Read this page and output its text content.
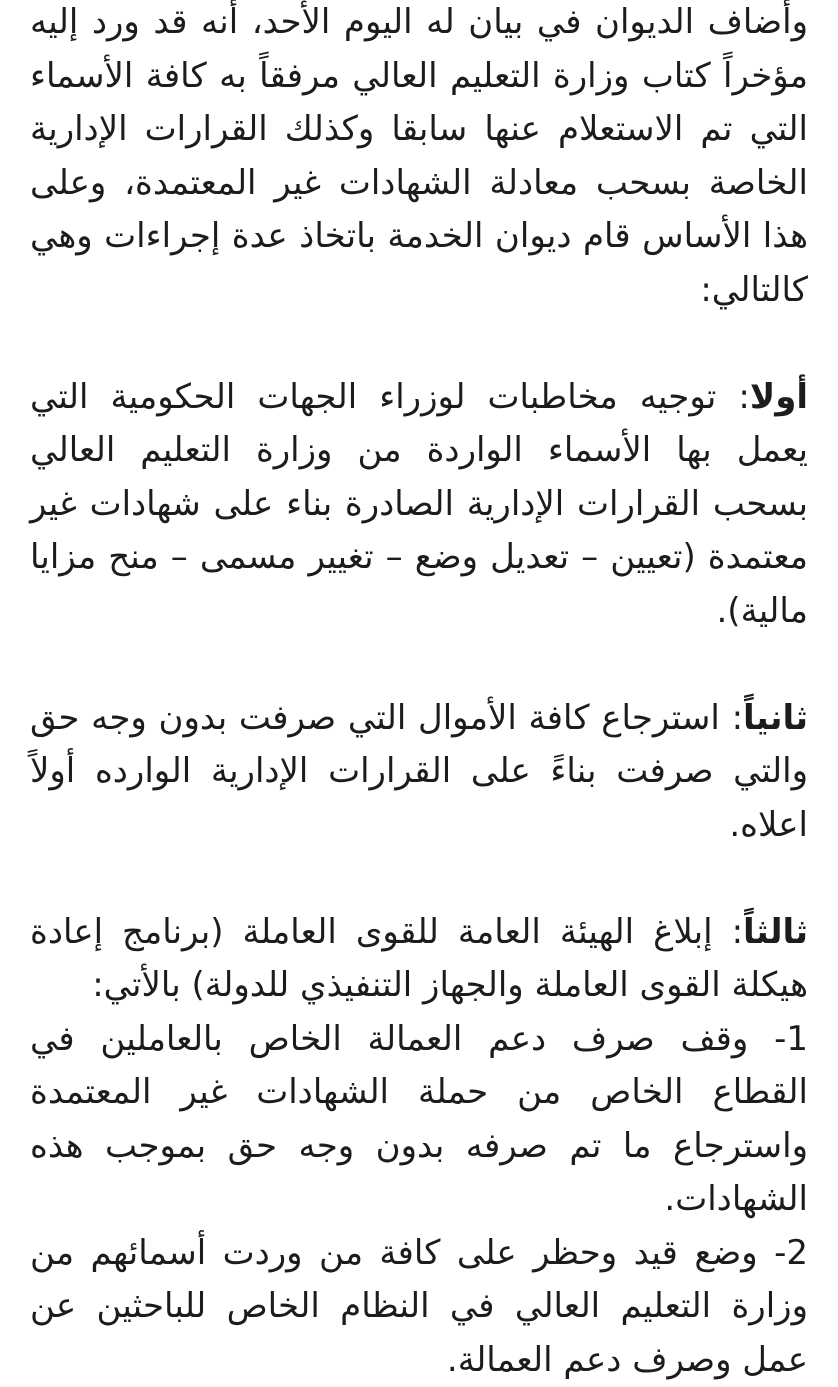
وأضاف الديوان في بيان له اليوم الأحد، أنه قد ورد إليه مؤخراً كتاب وزارة التعليم العالي مرفقاً به كافة الأسماء التي تم الاستعلام عنها سابقا وكذلك القرارات الإدارية الخاصة بسحب معادلة الشهادات غير المعتمدة، وعلى هذا الأساس قام ديوان الخدمة باتخاذ عدة إجراءات وهي كالتالي:

أولا: توجيه مخاطبات لوزراء الجهات الحكومية التي يعمل بها الأسماء الواردة من وزارة التعليم العالي بسحب القرارات الإدارية الصادرة بناء على شهادات غير معتمدة (تعيين – تعديل وضع – تغيير مسمى – منح مزايا مالية).

ثانياً: استرجاع كافة الأموال التي صرفت بدون وجه حق والتي صرفت بناءً على القرارات الإدارية الوارده أولاً اعلاه.

ثالثاً: إبلاغ الهيئة العامة للقوى العاملة (برنامج إعادة هيكلة القوى العاملة والجهاز التنفيذي للدولة) بالأتي:

1- وقف صرف دعم العمالة الخاص بالعاملين في القطاع الخاص من حملة الشهادات غير المعتمدة واسترجاع ما تم صرفه بدون وجه حق بموجب هذه الشهادات.

2- وضع قيد وحظر على كافة من وردت أسمائهم من وزارة التعليم العالي في النظام الخاص للباحثين عن عمل وصرف دعم العمالة.
